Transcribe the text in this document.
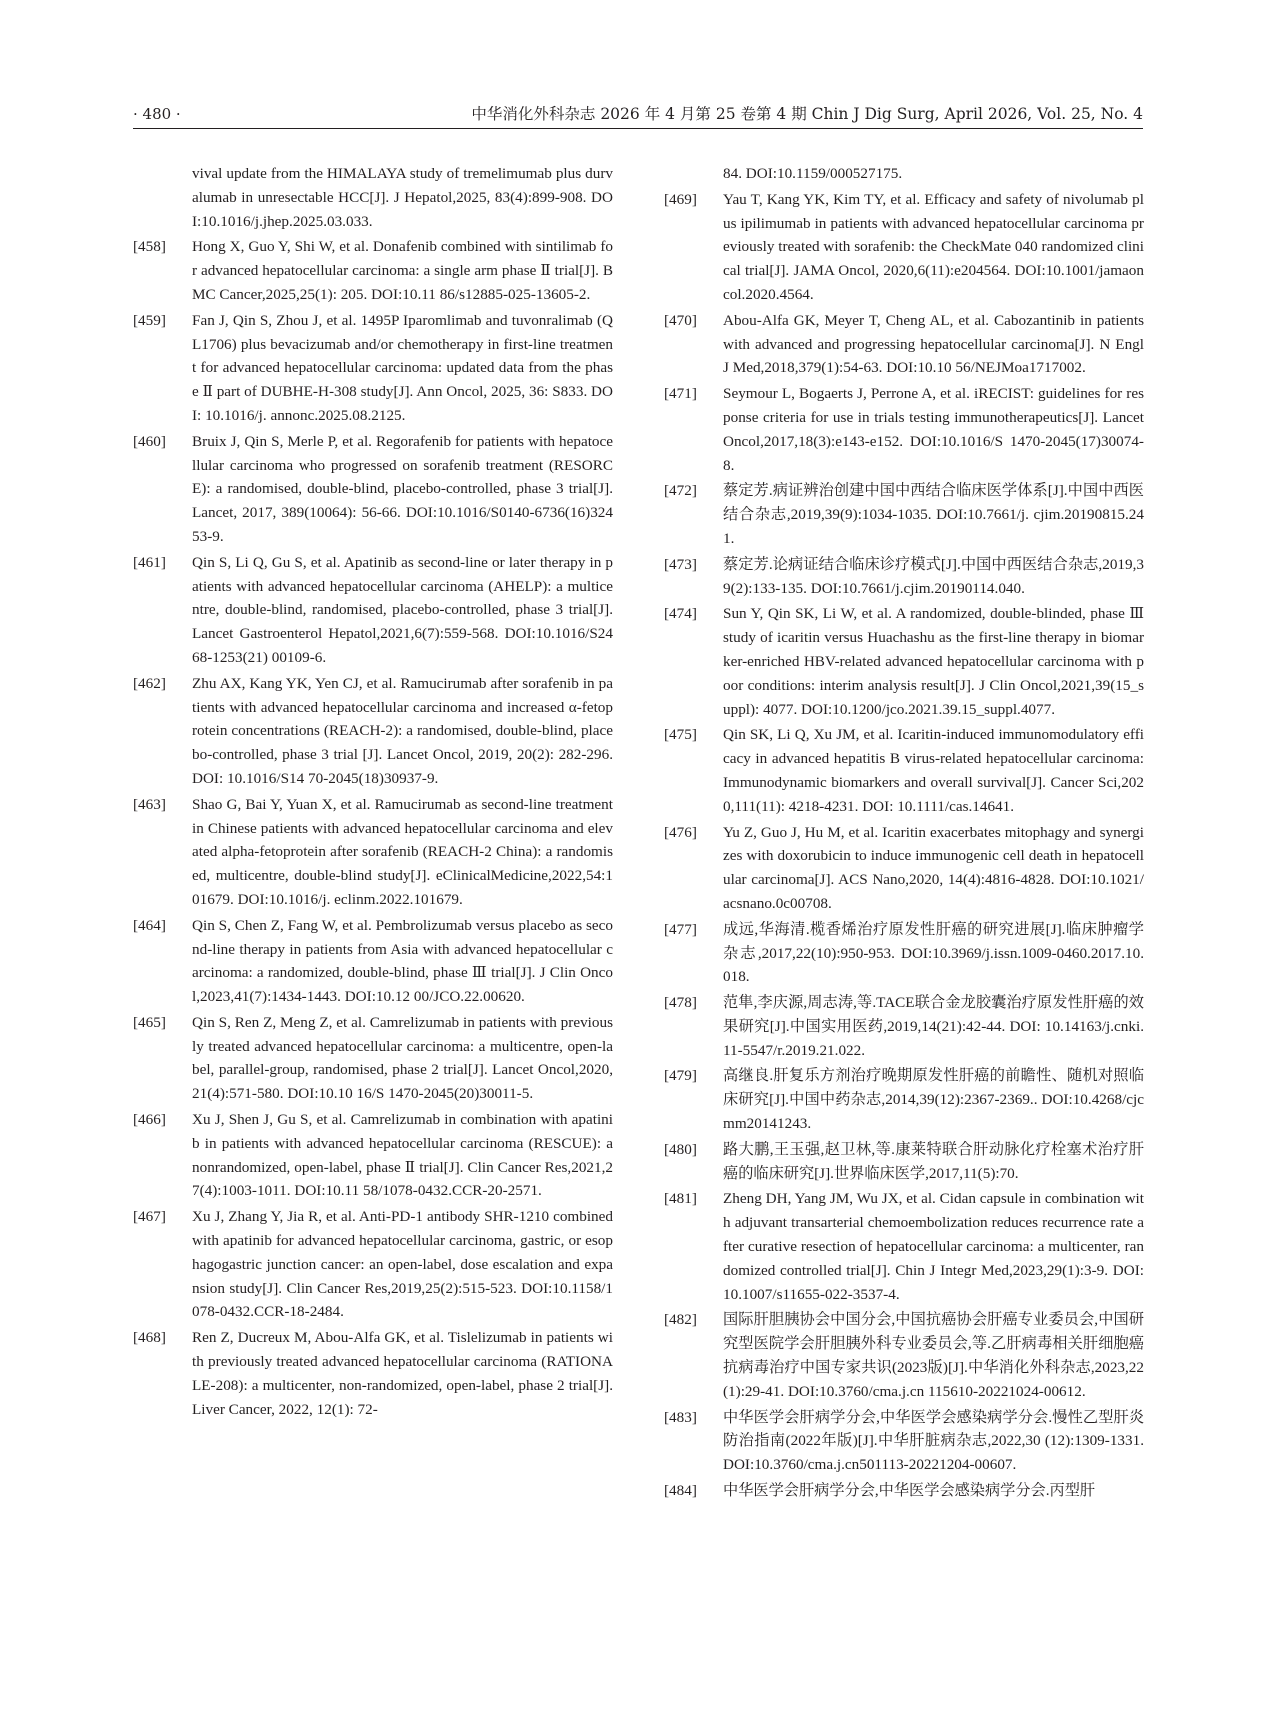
· 480 ·	中华消化外科杂志 2026 年 4 月第 25 卷第 4 期 Chin J Dig Surg, April 2026, Vol. 25, No. 4
vival update from the HIMALAYA study of tremelimumab plus durvalumab in unresectable HCC[J]. J Hepatol,2025, 83(4):899-908. DOI:10.1016/j.jhep.2025.03.033.
[458] Hong X, Guo Y, Shi W, et al. Donafenib combined with sintilimab for advanced hepatocellular carcinoma: a single arm phase Ⅱ trial[J]. BMC Cancer,2025,25(1): 205. DOI:10.11 86/s12885-025-13605-2.
[459] Fan J, Qin S, Zhou J, et al. 1495P Iparomlimab and tuvonralimab (QL1706) plus bevacizumab and/or chemotherapy in first-line treatment for advanced hepatocellular carcinoma: updated data from the phase Ⅱ part of DUBHE-H-308 study[J]. Ann Oncol, 2025, 36: S833. DOI: 10.1016/j. annonc.2025.08.2125.
[460] Bruix J, Qin S, Merle P, et al. Regorafenib for patients with hepatocellular carcinoma who progressed on sorafenib treatment (RESORCE): a randomised, double-blind, placebo-controlled, phase 3 trial[J]. Lancet, 2017, 389(10064): 56-66. DOI:10.1016/S0140-6736(16)32453-9.
[461] Qin S, Li Q, Gu S, et al. Apatinib as second-line or later therapy in patients with advanced hepatocellular carcinoma (AHELP): a multicentre, double-blind, randomised, placebo-controlled, phase 3 trial[J]. Lancet Gastroenterol Hepatol,2021,6(7):559-568. DOI:10.1016/S2468-1253(21) 00109-6.
[462] Zhu AX, Kang YK, Yen CJ, et al. Ramucirumab after sorafenib in patients with advanced hepatocellular carcinoma and increased α-fetoprotein concentrations (REACH-2): a randomised, double-blind, placebo-controlled, phase 3 trial [J]. Lancet Oncol, 2019, 20(2): 282-296. DOI: 10.1016/S14 70-2045(18)30937-9.
[463] Shao G, Bai Y, Yuan X, et al. Ramucirumab as second-line treatment in Chinese patients with advanced hepatocellular carcinoma and elevated alpha-fetoprotein after sorafenib (REACH-2 China): a randomised, multicentre, double-blind study[J]. eClinicalMedicine,2022,54:101679. DOI:10.1016/j. eclinm.2022.101679.
[464] Qin S, Chen Z, Fang W, et al. Pembrolizumab versus placebo as second-line therapy in patients from Asia with advanced hepatocellular carcinoma: a randomized, double-blind, phase Ⅲ trial[J]. J Clin Oncol,2023,41(7):1434-1443. DOI:10.12 00/JCO.22.00620.
[465] Qin S, Ren Z, Meng Z, et al. Camrelizumab in patients with previously treated advanced hepatocellular carcinoma: a multicentre, open-label, parallel-group, randomised, phase 2 trial[J]. Lancet Oncol,2020,21(4):571-580. DOI:10.10 16/S 1470-2045(20)30011-5.
[466] Xu J, Shen J, Gu S, et al. Camrelizumab in combination with apatinib in patients with advanced hepatocellular carcinoma (RESCUE): a nonrandomized, open-label, phase Ⅱ trial[J]. Clin Cancer Res,2021,27(4):1003-1011. DOI:10.11 58/1078-0432.CCR-20-2571.
[467] Xu J, Zhang Y, Jia R, et al. Anti-PD-1 antibody SHR-1210 combined with apatinib for advanced hepatocellular carcinoma, gastric, or esophagogastric junction cancer: an open-label, dose escalation and expansion study[J]. Clin Cancer Res,2019,25(2):515-523. DOI:10.1158/1078-0432.CCR-18-2484.
[468] Ren Z, Ducreux M, Abou-Alfa GK, et al. Tislelizumab in patients with previously treated advanced hepatocellular carcinoma (RATIONALE-208): a multicenter, non-randomized, open-label, phase 2 trial[J]. Liver Cancer, 2022, 12(1): 72-
84. DOI:10.1159/000527175.
[469] Yau T, Kang YK, Kim TY, et al. Efficacy and safety of nivolumab plus ipilimumab in patients with advanced hepatocellular carcinoma previously treated with sorafenib: the CheckMate 040 randomized clinical trial[J]. JAMA Oncol, 2020,6(11):e204564. DOI:10.1001/jamaoncol.2020.4564.
[470] Abou-Alfa GK, Meyer T, Cheng AL, et al. Cabozantinib in patients with advanced and progressing hepatocellular carcinoma[J]. N Engl J Med,2018,379(1):54-63. DOI:10.10 56/NEJMoa1717002.
[471] Seymour L, Bogaerts J, Perrone A, et al. iRECIST: guidelines for response criteria for use in trials testing immunotherapeutics[J]. Lancet Oncol,2017,18(3):e143-e152. DOI:10.1016/S 1470-2045(17)30074-8.
[472] 蔡定芳.病证辨治创建中国中西结合临床医学体系[J].中国中西医结合杂志,2019,39(9):1034-1035. DOI:10.7661/j. cjim.20190815.241.
[473] 蔡定芳.论病证结合临床诊疗模式[J].中国中西医结合杂志,2019,39(2):133-135. DOI:10.7661/j.cjim.20190114.040.
[474] Sun Y, Qin SK, Li W, et al. A randomized, double-blinded, phase Ⅲ study of icaritin versus Huachashu as the first-line therapy in biomarker-enriched HBV-related advanced hepatocellular carcinoma with poor conditions: interim analysis result[J]. J Clin Oncol,2021,39(15_suppl): 4077. DOI:10.1200/jco.2021.39.15_suppl.4077.
[475] Qin SK, Li Q, Xu JM, et al. Icaritin-induced immunomodulatory efficacy in advanced hepatitis B virus-related hepatocellular carcinoma: Immunodynamic biomarkers and overall survival[J]. Cancer Sci,2020,111(11): 4218-4231. DOI: 10.1111/cas.14641.
[476] Yu Z, Guo J, Hu M, et al. Icaritin exacerbates mitophagy and synergizes with doxorubicin to induce immunogenic cell death in hepatocellular carcinoma[J]. ACS Nano,2020, 14(4):4816-4828. DOI:10.1021/acsnano.0c00708.
[477] 成远,华海清.榄香烯治疗原发性肝癌的研究进展[J].临床肿瘤学杂志,2017,22(10):950-953. DOI:10.3969/j.issn.1009-0460.2017.10.018.
[478] 范隼,李庆源,周志涛,等.TACE联合金龙胶囊治疗原发性肝癌的效果研究[J].中国实用医药,2019,14(21):42-44. DOI: 10.14163/j.cnki.11-5547/r.2019.21.022.
[479] 高继良.肝复乐方剂治疗晚期原发性肝癌的前瞻性、随机对照临床研究[J].中国中药杂志,2014,39(12):2367-2369.. DOI:10.4268/cjcmm20141243.
[480] 路大鹏,王玉强,赵卫林,等.康莱特联合肝动脉化疗栓塞术治疗肝癌的临床研究[J].世界临床医学,2017,11(5):70.
[481] Zheng DH, Yang JM, Wu JX, et al. Cidan capsule in combination with adjuvant transarterial chemoembolization reduces recurrence rate after curative resection of hepatocellular carcinoma: a multicenter, randomized controlled trial[J]. Chin J Integr Med,2023,29(1):3-9. DOI:10.1007/s11655-022-3537-4.
[482] 国际肝胆胰协会中国分会,中国抗癌协会肝癌专业委员会,中国研究型医院学会肝胆胰外科专业委员会,等.乙肝病毒相关肝细胞癌抗病毒治疗中国专家共识(2023版)[J].中华消化外科杂志,2023,22(1):29-41. DOI:10.3760/cma.j.cn 115610-20221024-00612.
[483] 中华医学会肝病学分会,中华医学会感染病学分会.慢性乙型肝炎防治指南(2022年版)[J].中华肝脏病杂志,2022,30 (12):1309-1331.DOI:10.3760/cma.j.cn501113-20221204-00607.
[484] 中华医学会肝病学分会,中华医学会感染病学分会.丙型肝
